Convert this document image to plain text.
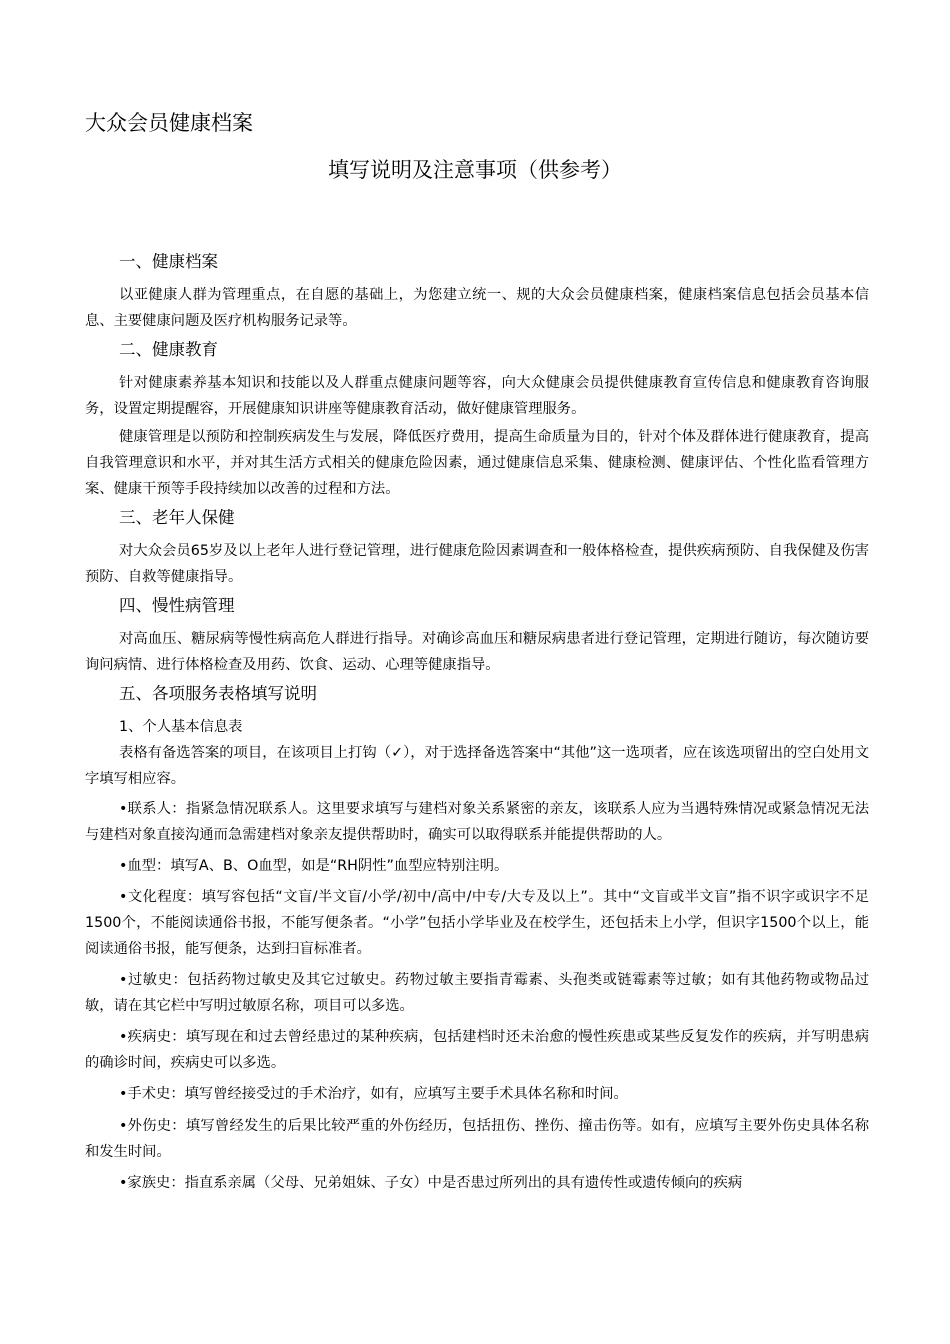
大众会员健康档案
填写说明及注意事项（供参考）
一、健康档案

以亚健康人群为管理重点，在自愿的基础上，为您建立统一、规的大众会员健康档案，健康档案信息包括会员基本信息、主要健康问题及医疗机构服务记录等。

二、健康教育

针对健康素养基本知识和技能以及人群重点健康问题等容，向大众健康会员提供健康教育宣传信息和健康教育咨询服务，设置定期提醒容，开展健康知识讲座等健康教育活动，做好健康管理服务。

健康管理是以预防和控制疾病发生与发展，降低医疗费用，提高生命质量为目的，针对个体及群体进行健康教育，提高自我管理意识和水平，并对其生活方式相关的健康危险因素，通过健康信息采集、健康检测、健康评估、个性化监看管理方案、健康干预等手段持续加以改善的过程和方法。

三、老年人保健

对大众会员65岁及以上老年人进行登记管理，进行健康危险因素调查和一般体格检查，提供疾病预防、自我保健及伤害预防、自救等健康指导。

四、慢性病管理

对高血压、糖尿病等慢性病高危人群进行指导。对确诊高血压和糖尿病患者进行登记管理，定期进行随访，每次随访要询问病情、进行体格检查及用药、饮食、运动、心理等健康指导。

五、各项服务表格填写说明
1、个人基本信息表

表格有备选答案的项目，在该项目上打钩（✓），对于选择备选答案中“其他”这一选项者，应在该选项留出的空白处用文字填写相应容。

•联系人：指紧急情况联系人。这里要求填写与建档对象关系紧密的亲友，该联系人应为当遇特殊情况或紧急情况无法与建档对象直接沟通而急需建档对象亲友提供帮助时，确实可以取得联系并能提供帮助的人。

•血型：填写A、B、O血型，如是“RH阴性”血型应特别注明。

•文化程度：填写容包括“文盲/半文盲/小学/初中/高中/中专/大专及以上”。其中“文盲或半文盲”指不识字或识字不足1500个，不能阅读通俗书报，不能写便条者。“小学”包括小学毕业及在校学生，还包括未上小学，但识字1500个以上，能阅读通俗书报，能写便条，达到扫盲标准者。

•过敏史：包括药物过敏史及其它过敏史。药物过敏主要指青霉素、头孢类或链霉素等过敏；如有其他药物或物品过敏，请在其它栏中写明过敏原名称，项目可以多选。

•疾病史：填写现在和过去曾经患过的某种疾病，包括建档时还未治愈的慢性疾患或某些反复发作的疾病，并写明患病的确诊时间，疾病史可以多选。

•手术史：填写曾经接受过的手术治疗，如有，应填写主要手术具体名称和时间。

•外伤史：填写曾经发生的后果比较严重的外伤经历，包括扭伤、挫伤、撞击伤等。如有，应填写主要外伤史具体名称和发生时间。

•家族史：指直系亲属（父母、兄弟姐妹、子女）中是否患过所列出的具有遗传性或遗传倾向的疾病
